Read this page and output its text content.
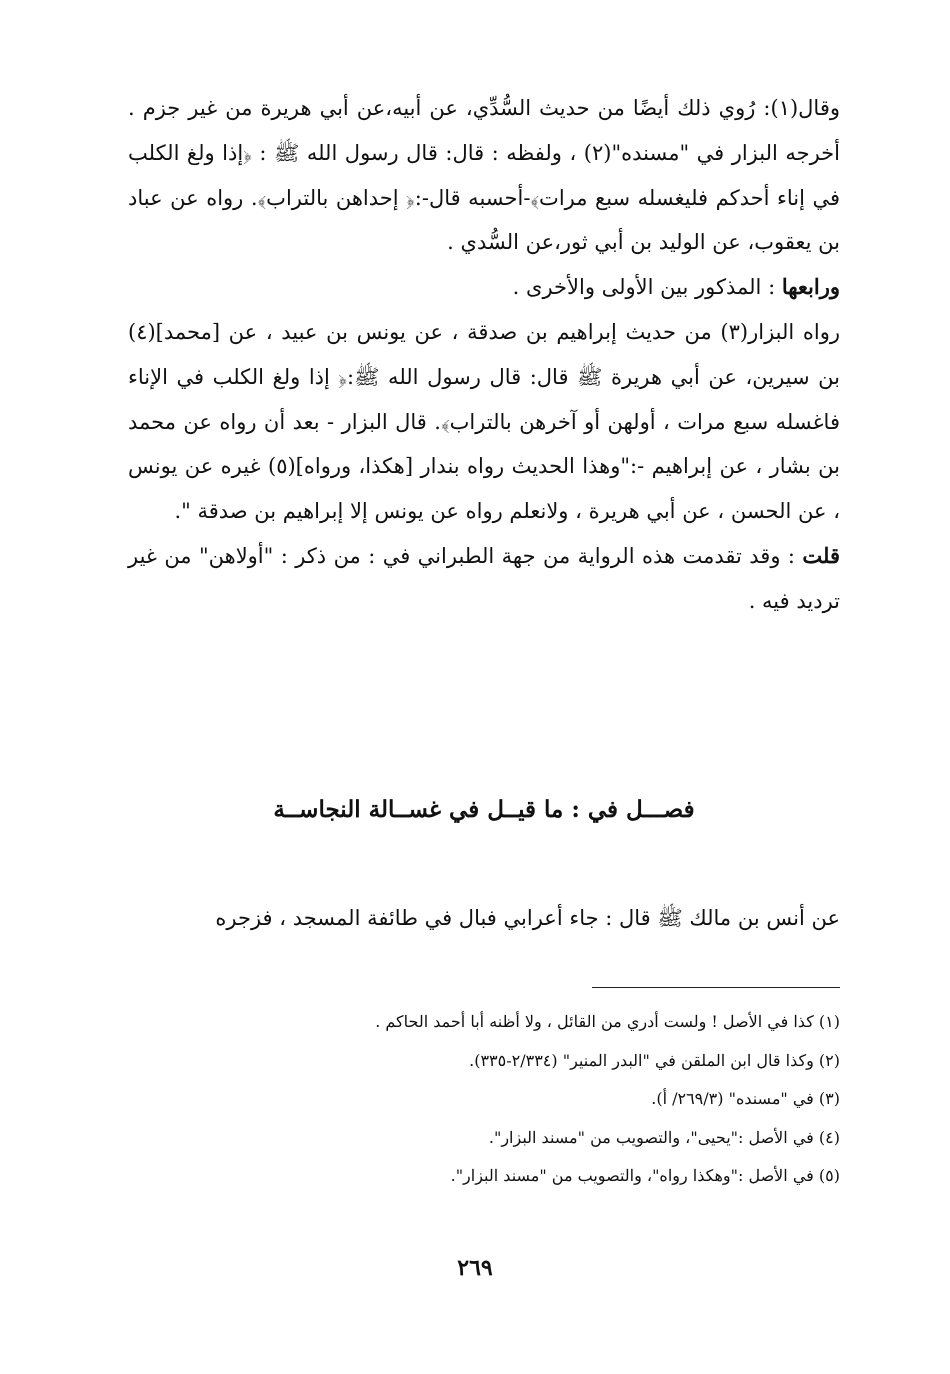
وقال(١): رُوي ذلك أيضًا من حديث السُّدِّي، عن أبيه،عن أبي هريرة من غير جزم . أخرجه البزار في "مسنده"(٢) ، ولفظه : قال: قال رسول الله ﷺ : ﴿إذا ولغ الكلب في إناء أحدكم فليغسله سبع مرات﴾-أحسبه قال-:﴿ إحداهن بالتراب﴾. رواه عن عباد بن يعقوب، عن الوليد بن أبي ثور،عن السُّدي .

ورابعها : المذكور بين الأولى والأخرى .

رواه البزار(٣) من حديث إبراهيم بن صدقة ، عن يونس بن عبيد ، عن [محمد](٤) بن سيرين، عن أبي هريرة ﷺ قال: قال رسول الله ﷺ:﴿ إذا ولغ الكلب في الإناء فاغسله سبع مرات ، أولهن أو آخرهن بالتراب﴾. قال البزار - بعد أن رواه عن محمد بن بشار ، عن إبراهيم -:"وهذا الحديث رواه بندار [هكذا، ورواه](٥) غيره عن يونس ، عن الحسن ، عن أبي هريرة ، ولانعلم رواه عن يونس إلا إبراهيم بن صدقة ".

قلت : وقد تقدمت هذه الرواية من جهة الطبراني في : من ذكر : "أولاهن" من غير ترديد فيه .

فصـــل في : ما قيــل في غســالة النجاســة
عن أنس بن مالك ﷺ قال : جاء أعرابي فبال في طائفة المسجد ، فزجره
(١) كذا في الأصل ! ولست أدري من القائل ، ولا أظنه أبا أحمد الحاكم .
(٢) وكذا قال ابن الملقن في "البدر المنير" (٢/٣٣٤-٣٣٥).
(٣) في "مسنده" (٢٦٩/٣/ أ).
(٤) في الأصل :"يحيى"، والتصويب من "مسند البزار".
(٥) في الأصل :"وهكذا رواه"، والتصويب من "مسند البزار".
٢٦٩
